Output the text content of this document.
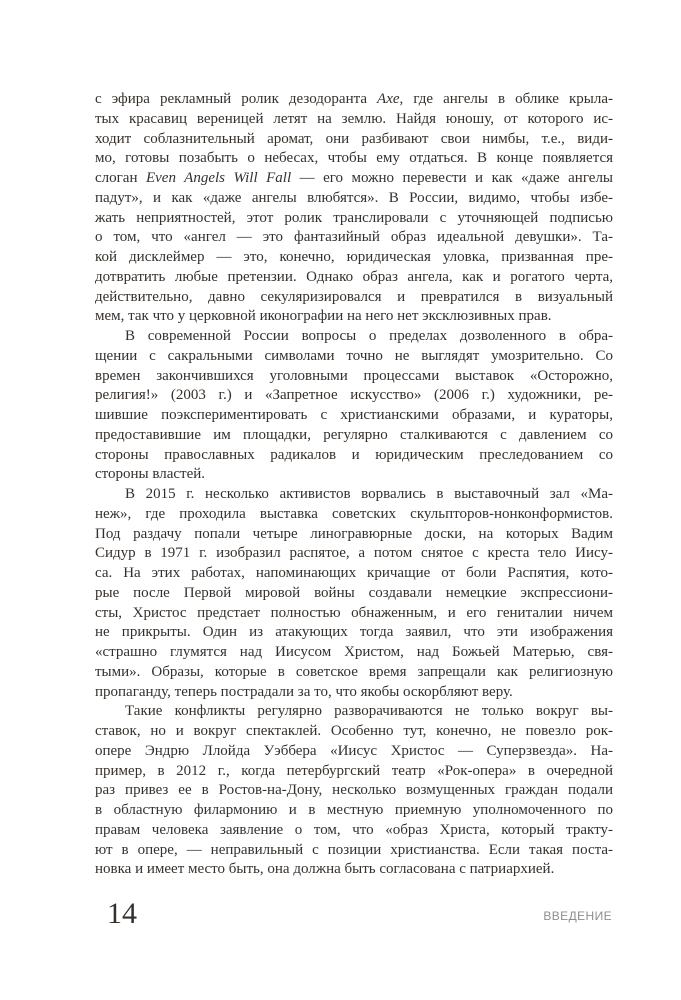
с эфира рекламный ролик дезодоранта Axe, где ангелы в облике крыла-
тых красавиц вереницей летят на землю. Найдя юношу, от которого ис-
ходит соблазнительный аромат, они разбивают свои нимбы, т.е., види-
мо, готовы позабыть о небесах, чтобы ему отдаться. В конце появляется
слоган Even Angels Will Fall — его можно перевести и как «даже ангелы
падут», и как «даже ангелы влюбятся». В России, видимо, чтобы избе-
жать неприятностей, этот ролик транслировали с уточняющей подписью
о том, что «ангел — это фантазийный образ идеальной девушки». Та-
кой дисклеймер — это, конечно, юридическая уловка, призванная пре-
дотвратить любые претензии. Однако образ ангела, как и рогатого черта,
действительно, давно секуляризировался и превратился в визуальный
мем, так что у церковной иконографии на него нет эксклюзивных прав.
В современной России вопросы о пределах дозволенного в обра-
щении с сакральными символами точно не выглядят умозрительно. Со
времен закончившихся уголовными процессами выставок «Осторожно,
религия!» (2003 г.) и «Запретное искусство» (2006 г.) художники, ре-
шившие поэкспериментировать с христианскими образами, и кураторы,
предоставившие им площадки, регулярно сталкиваются с давлением со
стороны православных радикалов и юридическим преследованием со
стороны властей.
В 2015 г. несколько активистов ворвались в выставочный зал «Ма-
неж», где проходила выставка советских скульпторов-нонконформистов.
Под раздачу попали четыре линогравюрные доски, на которых Вадим
Сидур в 1971 г. изобразил распятое, а потом снятое с креста тело Иису-
са. На этих работах, напоминающих кричащие от боли Распятия, кото-
рые после Первой мировой войны создавали немецкие экспрессиони-
сты, Христос предстает полностью обнаженным, и его гениталии ничем
не прикрыты. Один из атакующих тогда заявил, что эти изображения
«страшно глумятся над Иисусом Христом, над Божьей Матерью, свя-
тыми». Образы, которые в советское время запрещали как религиозную
пропаганду, теперь пострадали за то, что якобы оскорбляют веру.
Такие конфликты регулярно разворачиваются не только вокруг вы-
ставок, но и вокруг спектаклей. Особенно тут, конечно, не повезло рок-
опере Эндрю Ллойда Уэббера «Иисус Христос — Суперзвезда». На-
пример, в 2012 г., когда петербургский театр «Рок-опера» в очередной
раз привез ее в Ростов-на-Дону, несколько возмущенных граждан подали
в областную филармонию и в местную приемную уполномоченного по
правам человека заявление о том, что «образ Христа, который тракту-
ют в опере, — неправильный с позиции христианства. Если такая поста-
новка и имеет место быть, она должна быть согласована с патриархией.
14	ВВЕДЕНИЕ
